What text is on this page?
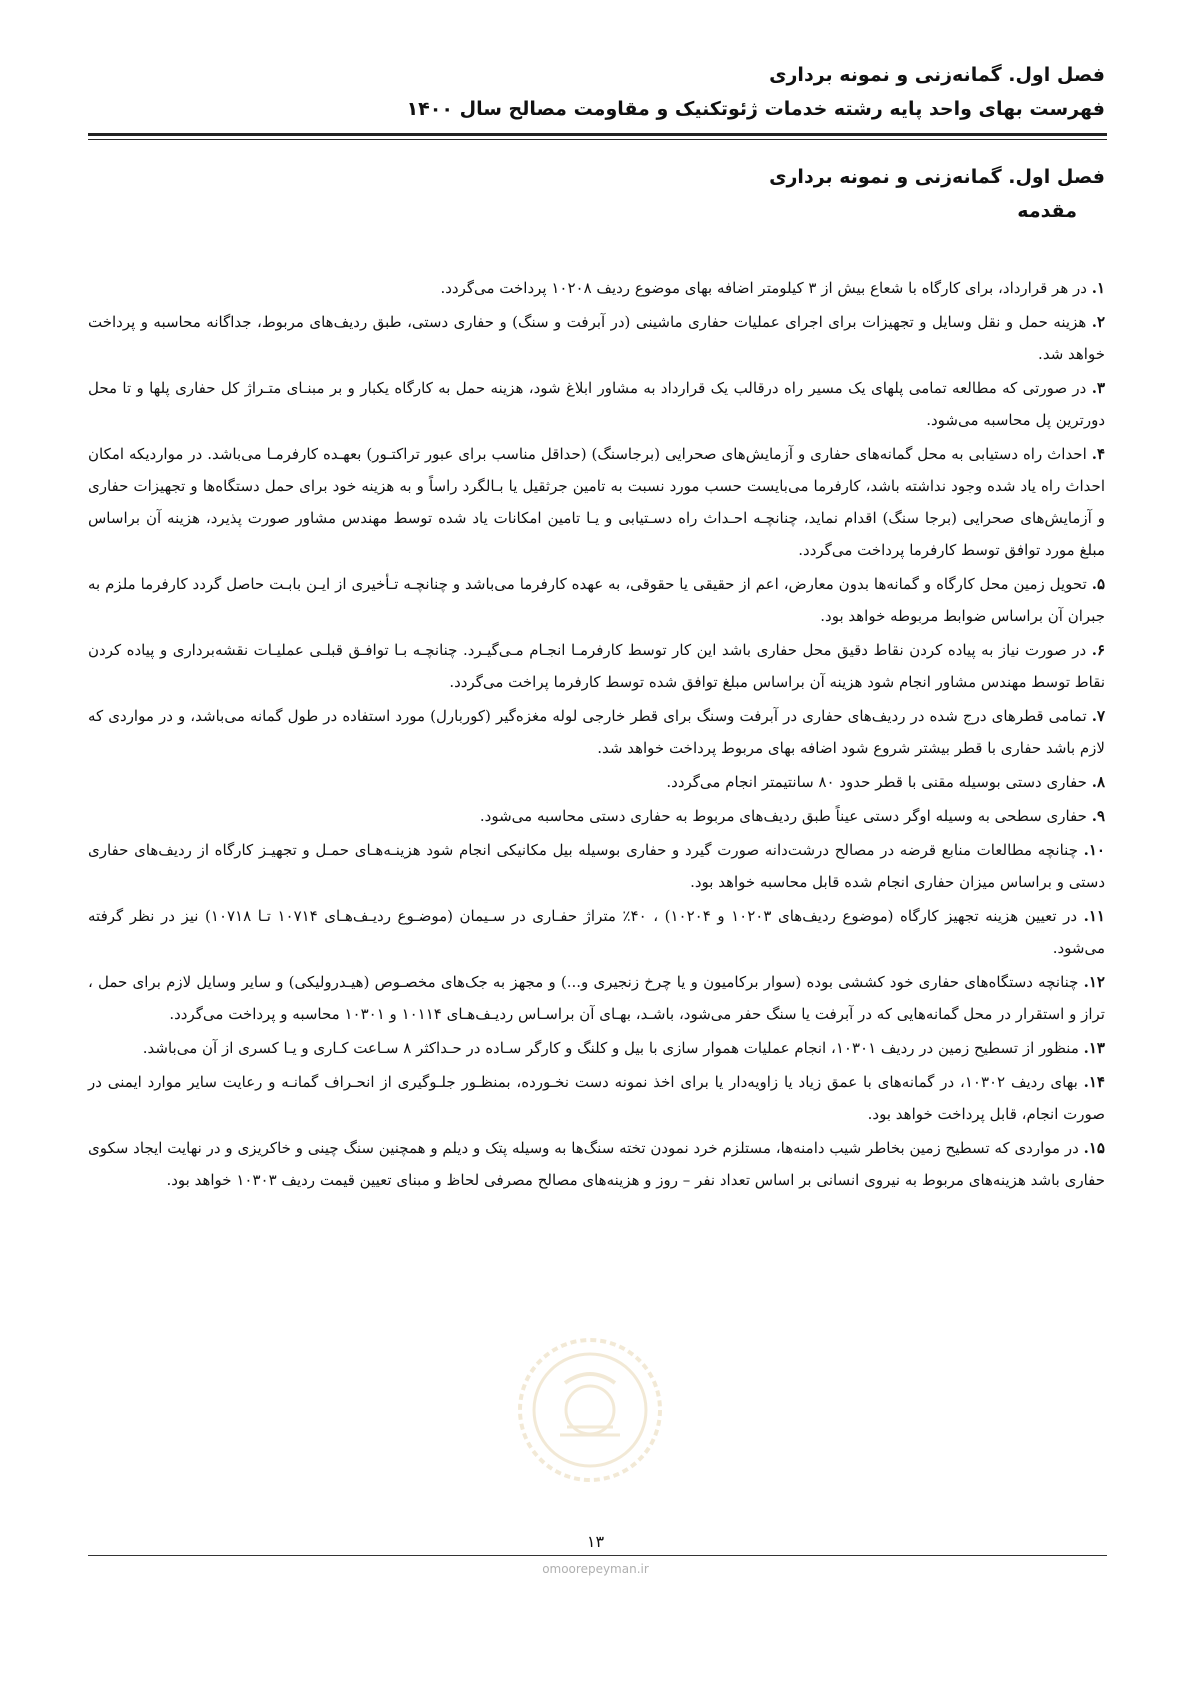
فصل اول. گمانه‌زنی و نمونه برداری
فهرست بهای واحد پایه رشته خدمات ژئوتکنیک و مقاومت مصالح سال ۱۴۰۰
فصل اول. گمانه‌زنی و نمونه برداری
مقدمه

۱. در هر قرارداد، برای کارگاه با شعاع بیش از ۳ کیلومتر اضافه بهای موضوع ردیف ۱۰۲۰۸ پرداخت می‌گردد.

۲. هزینه حمل و نقل وسایل و تجهیزات برای اجرای عملیات حفاری ماشینی (در آبرفت و سنگ) و حفاری دستی، طبق ردیف‌های مربوط، جداگانه محاسبه و پرداخت خواهد شد.

۳. در صورتی که مطالعه تمامی پلهای یک مسیر راه درقالب یک قرارداد به مشاور ابلاغ شود، هزینه حمل به کارگاه یکبار و بر مبنـای متـراژ کل حفاری پلها و تا محل دورترین پل محاسبه می‌شود.

۴. احداث راه دستیابی به محل گمانه‌های حفاری و آزمایش‌های صحرایی (برجاسنگ) (حداقل مناسب برای عبور تراکتـور) بعهـده کارفرمـا می‌باشد. در مواردیکه امکان احداث راه یاد شده وجود نداشته باشد، کارفرما می‌بایست حسب مورد نسبت به تامین جرثقیل یا بـالگرد راساً و به هزینه خود برای حمل دستگاه‌ها و تجهیزات حفاری و آزمایش‌های صحرایی (برجا سنگ) اقدام نماید، چنانچـه احـداث راه دسـتیابی و یـا تامین امکانات یاد شده توسط مهندس مشاور صورت پذیرد، هزینه آن براساس مبلغ مورد توافق توسط کارفرما پرداخت می‌گردد.

۵. تحویل زمین محل کارگاه و گمانه‌ها بدون معارض، اعم از حقیقی یا حقوقی، به عهده کارفرما می‌باشد و چنانچـه تـأخیری از ایـن بابـت حاصل گردد کارفرما ملزم به جبران آن براساس ضوابط مربوطه خواهد بود.

۶. در صورت نیاز به پیاده کردن نقاط دقیق محل حفاری باشد این کار توسط کارفرمـا انجـام مـی‌گیـرد. چنانچـه بـا توافـق قبلـی عملیـات نقشه‌برداری و پیاده کردن نقاط توسط مهندس مشاور انجام شود هزینه آن براساس مبلغ توافق شده توسط کارفرما پراخت می‌گردد.

۷. تمامی قطرهای درج شده در ردیف‌های حفاری در آبرفت وسنگ برای قطر خارجی لوله مغزه‌گیر (کوربارل) مورد استفاده در طول گمانه می‌باشد، و در مواردی که لازم باشد حفاری با قطر بیشتر شروع شود اضافه بهای مربوط پرداخت خواهد شد.

۸. حفاری دستی بوسیله مقنی با قطر حدود ۸۰ سانتیمتر انجام می‌گردد.

۹. حفاری سطحی به وسیله اوگر دستی عیناً طبق ردیف‌های مربوط به حفاری دستی محاسبه می‌شود.

۱۰. چنانچه مطالعات منابع قرضه در مصالح درشت‌دانه صورت گیرد و حفاری بوسیله بیل مکانیکی انجام شود هزینـه‌هـای حمـل و تجهیـز کارگاه از ردیف‌های حفاری دستی و براساس میزان حفاری انجام شده قابل محاسبه خواهد بود.

۱۱. در تعیین هزینه تجهیز کارگاه (موضوع ردیف‌های ۱۰۲۰۳ و ۱۰۲۰۴) ، ۴۰٪ متراژ حفـاری در سـیمان (موضـوع ردیـف‌هـای ۱۰۷۱۴ تـا ۱۰۷۱۸) نیز در نظر گرفته می‌شود.

۱۲. چنانچه دستگاه‌های حفاری خود کششی بوده (سوار برکامیون و یا چرخ زنجیری و...) و مجهز به جک‌های مخصـوص (هیـدرولیکی) و سایر وسایل لازم برای حمل ، تراز و استقرار در محل گمانه‌هایی که در آبرفت یا سنگ حفر می‌شود، باشـد، بهـای آن براسـاس ردیـف‌هـای ۱۰۱۱۴ و ۱۰۳۰۱ محاسبه و پرداخت می‌گردد.

۱۳. منظور از تسطیح زمین در ردیف ۱۰۳۰۱، انجام عملیات هموار سازی با بیل و کلنگ و کارگر سـاده در حـداکثر ۸ سـاعت کـاری و یـا کسری از آن می‌باشد.

۱۴. بهای ردیف ۱۰۳۰۲، در گمانه‌های با عمق زیاد یا زاویه‌دار یا برای اخذ نمونه دست نخـورده، بمنظـور جلـوگیری از انحـراف گمانـه و رعایت سایر موارد ایمنی در صورت انجام، قابل پرداخت خواهد بود.

۱۵. در مواردی که تسطیح زمین بخاطر شیب دامنه‌ها، مستلزم خرد نمودن تخته سنگ‌ها به وسیله پتک و دیلم و همچنین سنگ چینی و خاکریزی و در نهایت ایجاد سکوی حفاری باشد هزینه‌های مربوط به نیروی انسانی بر اساس تعداد نفر – روز و هزینه‌های مصالح مصرفی لحاظ و مبنای تعیین قیمت ردیف ۱۰۳۰۳ خواهد بود.

۱۳
omoorepeyman.ir
